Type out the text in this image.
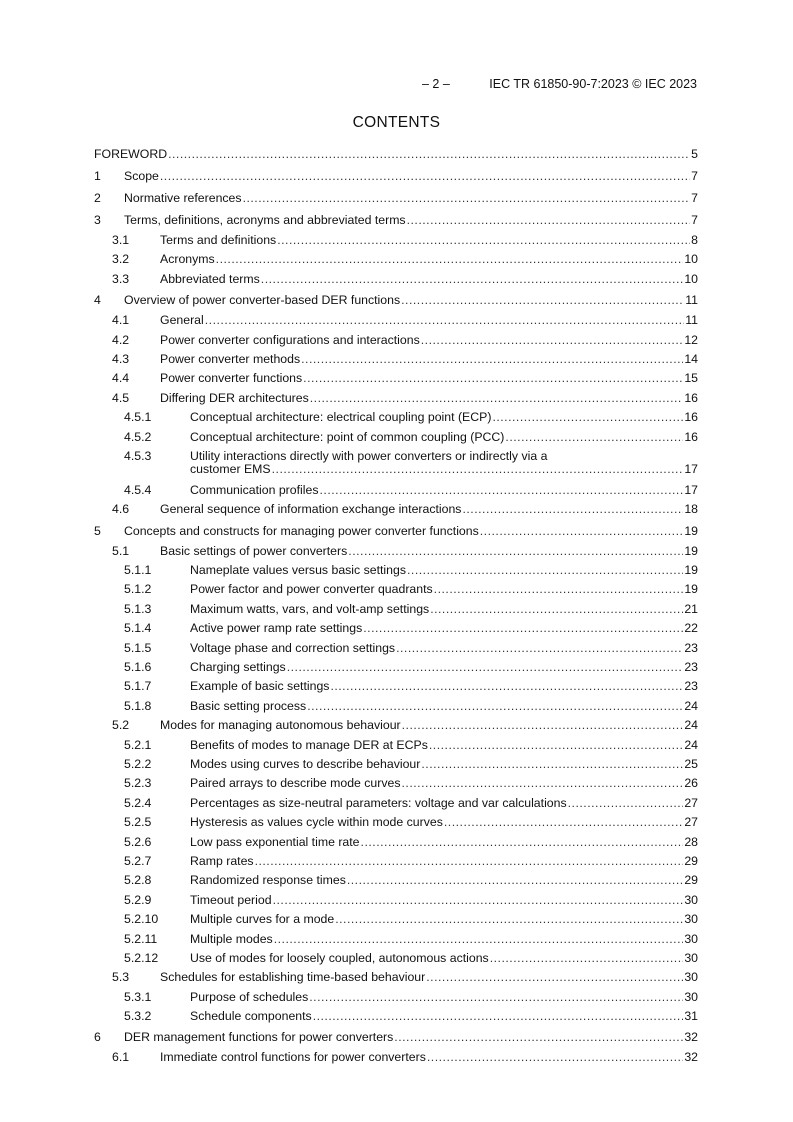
– 2 –	IEC TR 61850-90-7:2023 © IEC 2023
CONTENTS
FOREWORD .....	5
1 Scope .....	7
2 Normative references .....	7
3 Terms, definitions, acronyms and abbreviated terms .....	7
3.1	Terms and definitions .....	8
3.2	Acronyms .....	10
3.3	Abbreviated terms .....	10
4 Overview of power converter-based DER functions .....	11
4.1	General .....	11
4.2	Power converter configurations and interactions .....	12
4.3	Power converter methods .....	14
4.4	Power converter functions .....	15
4.5	Differing DER architectures .....	16
4.5.1	Conceptual architecture: electrical coupling point (ECP) .....	16
4.5.2	Conceptual architecture: point of common coupling (PCC) .....	16
4.5.3	Utility interactions directly with power converters or indirectly via a
customer EMS .....	17
4.5.4	Communication profiles .....	17
4.6	General sequence of information exchange interactions .....	18
5 Concepts and constructs for managing power converter functions .....	19
5.1	Basic settings of power converters .....	19
5.1.1	Nameplate values versus basic settings .....	19
5.1.2	Power factor and power converter quadrants .....	19
5.1.3	Maximum watts, vars, and volt-amp settings .....	21
5.1.4	Active power ramp rate settings .....	22
5.1.5	Voltage phase and correction settings .....	23
5.1.6	Charging settings .....	23
5.1.7	Example of basic settings .....	23
5.1.8	Basic setting process .....	24
5.2	Modes for managing autonomous behaviour .....	24
5.2.1	Benefits of modes to manage DER at ECPs .....	24
5.2.2	Modes using curves to describe behaviour .....	25
5.2.3	Paired arrays to describe mode curves .....	26
5.2.4	Percentages as size-neutral parameters: voltage and var calculations .....	27
5.2.5	Hysteresis as values cycle within mode curves .....	27
5.2.6	Low pass exponential time rate .....	28
5.2.7	Ramp rates .....	29
5.2.8	Randomized response times .....	29
5.2.9	Timeout period .....	30
5.2.10	Multiple curves for a mode .....	30
5.2.11	Multiple modes .....	30
5.2.12	Use of modes for loosely coupled, autonomous actions .....	30
5.3	Schedules for establishing time-based behaviour .....	30
5.3.1	Purpose of schedules .....	30
5.3.2	Schedule components .....	31
6 DER management functions for power converters .....	32
6.1	Immediate control functions for power converters .....	32
